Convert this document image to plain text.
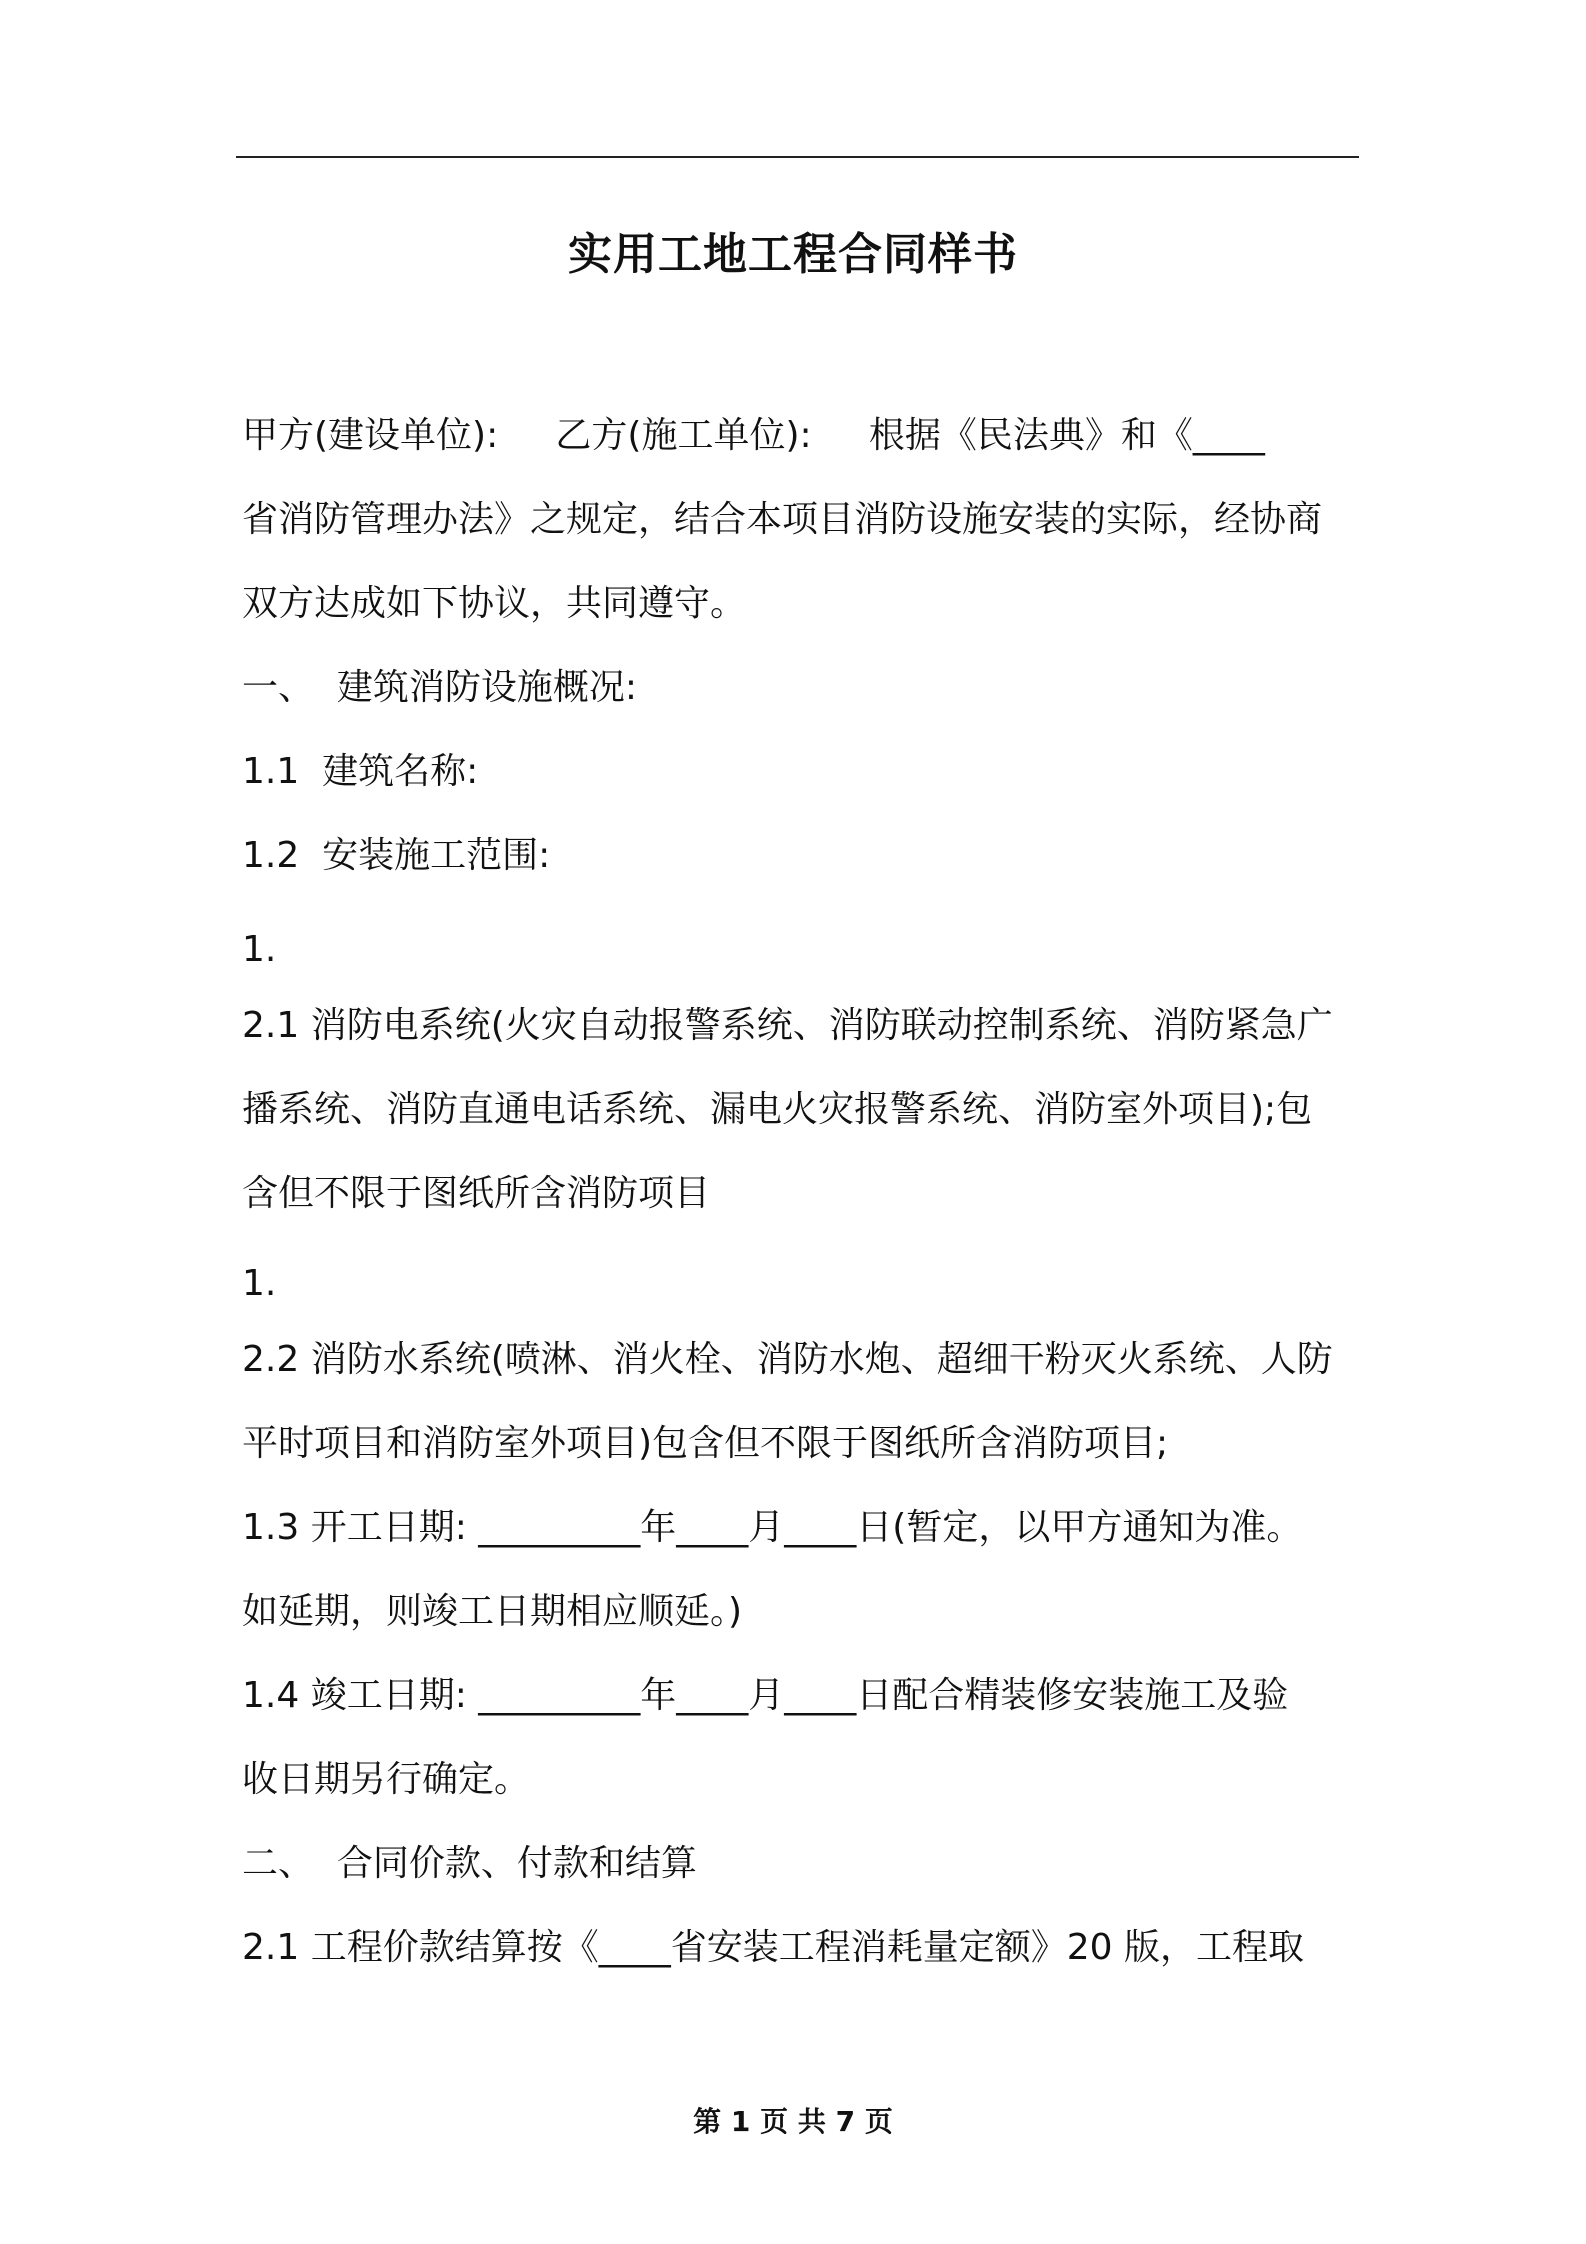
实用工地工程合同样书
甲方(建设单位):     乙方(施工单位):     根据《民法典》和《____
省消防管理办法》之规定，结合本项目消防设施安装的实际，经协商
双方达成如下协议，共同遵守。
一、  建筑消防设施概况:
1.1  建筑名称:
1.2  安装施工范围:
1.
2.1 消防电系统(火灾自动报警系统、消防联动控制系统、消防紧急广
播系统、消防直通电话系统、漏电火灾报警系统、消防室外项目);包
含但不限于图纸所含消防项目
1.
2.2 消防水系统(喷淋、消火栓、消防水炮、超细干粉灭火系统、人防
平时项目和消防室外项目)包含但不限于图纸所含消防项目;
1.3 开工日期: _________年____月____日(暂定，以甲方通知为准。
如延期，则竣工日期相应顺延。)
1.4 竣工日期: _________年____月____日配合精装修安装施工及验
收日期另行确定。
二、  合同价款、付款和结算
2.1 工程价款结算按《____省安装工程消耗量定额》20 版，工程取
第 1 页 共 7 页
